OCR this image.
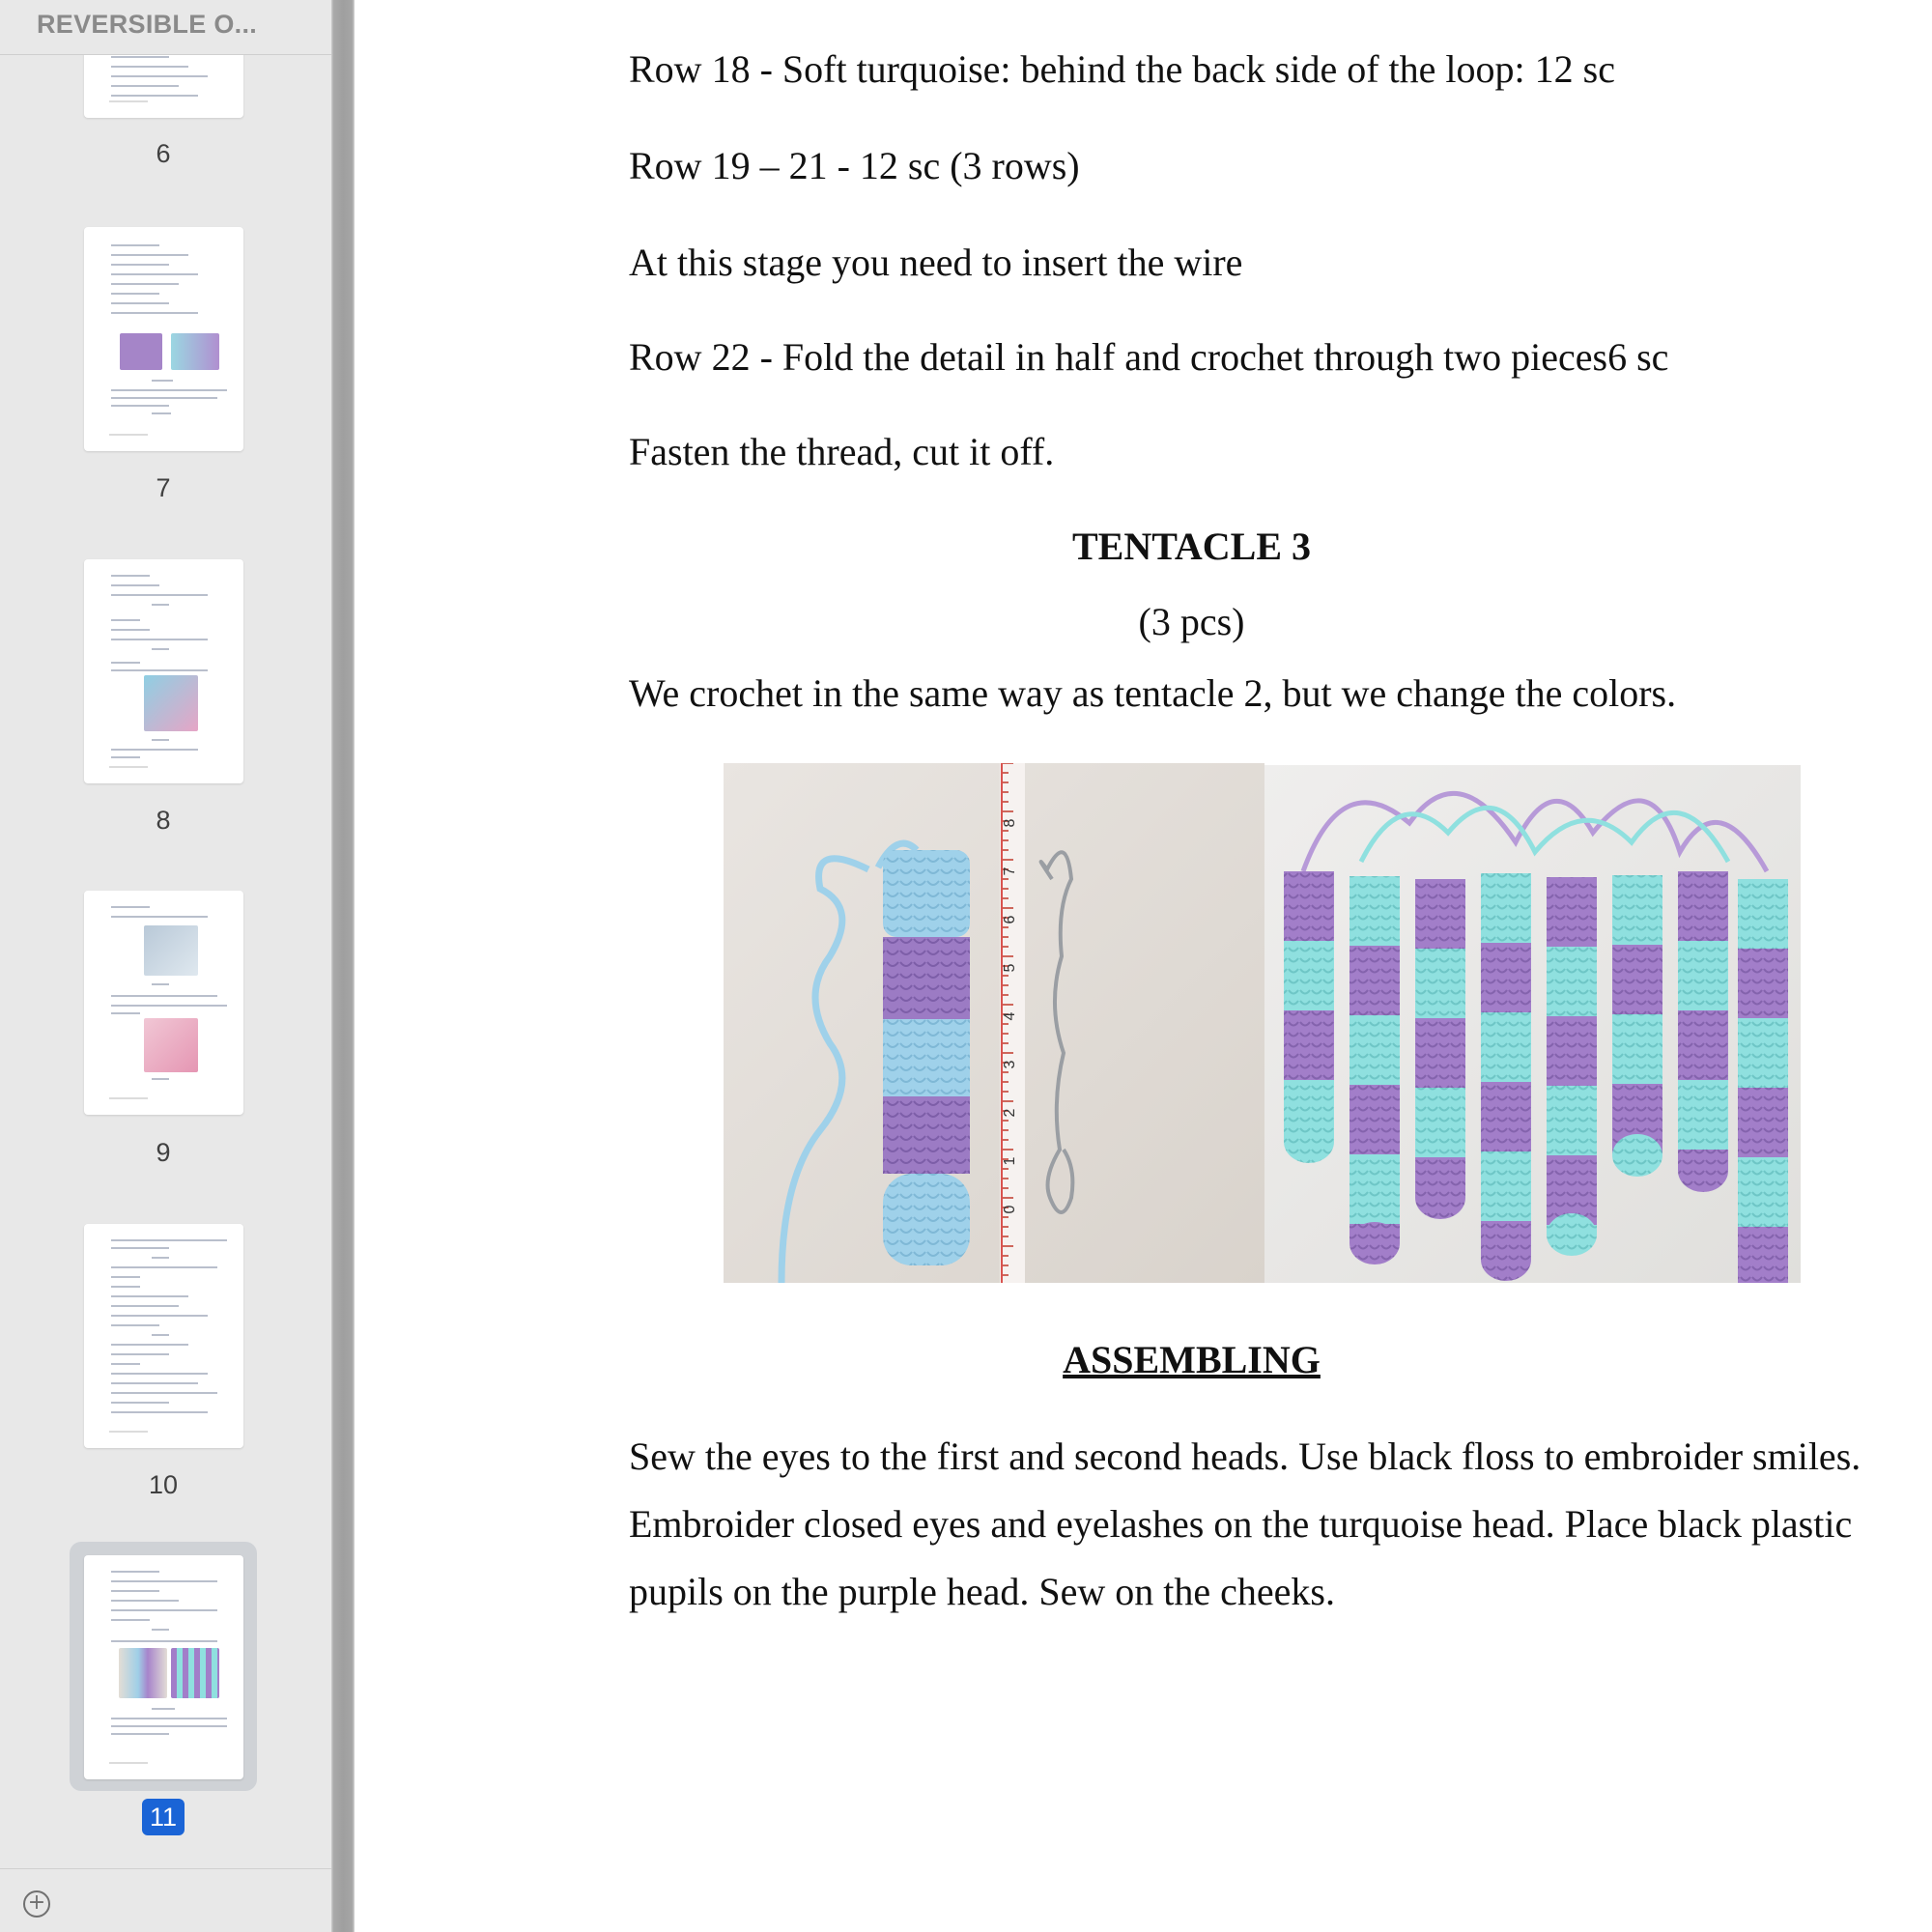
REVERSIBLE O...
6
7
8
9
10
11
+
Row 18 - Soft turquoise: behind the back side of the loop: 12 sc
Row 19 – 21 - 12 sc (3 rows)
At this stage you need to insert the wire
Row 22 - Fold the detail in half and crochet through two pieces6 sc
Fasten the thread, cut it off.
TENTACLE 3
(3 pcs)
We crochet in the same way as tentacle 2, but we change the colors.
ASSEMBLING
Sew the eyes to the first and second heads. Use black floss to embroider smiles.
Embroider closed eyes and eyelashes on the turquoise head. Place black plastic
pupils on the purple head. Sew on the cheeks.
0
1
2
3
4
5
6
7
8
